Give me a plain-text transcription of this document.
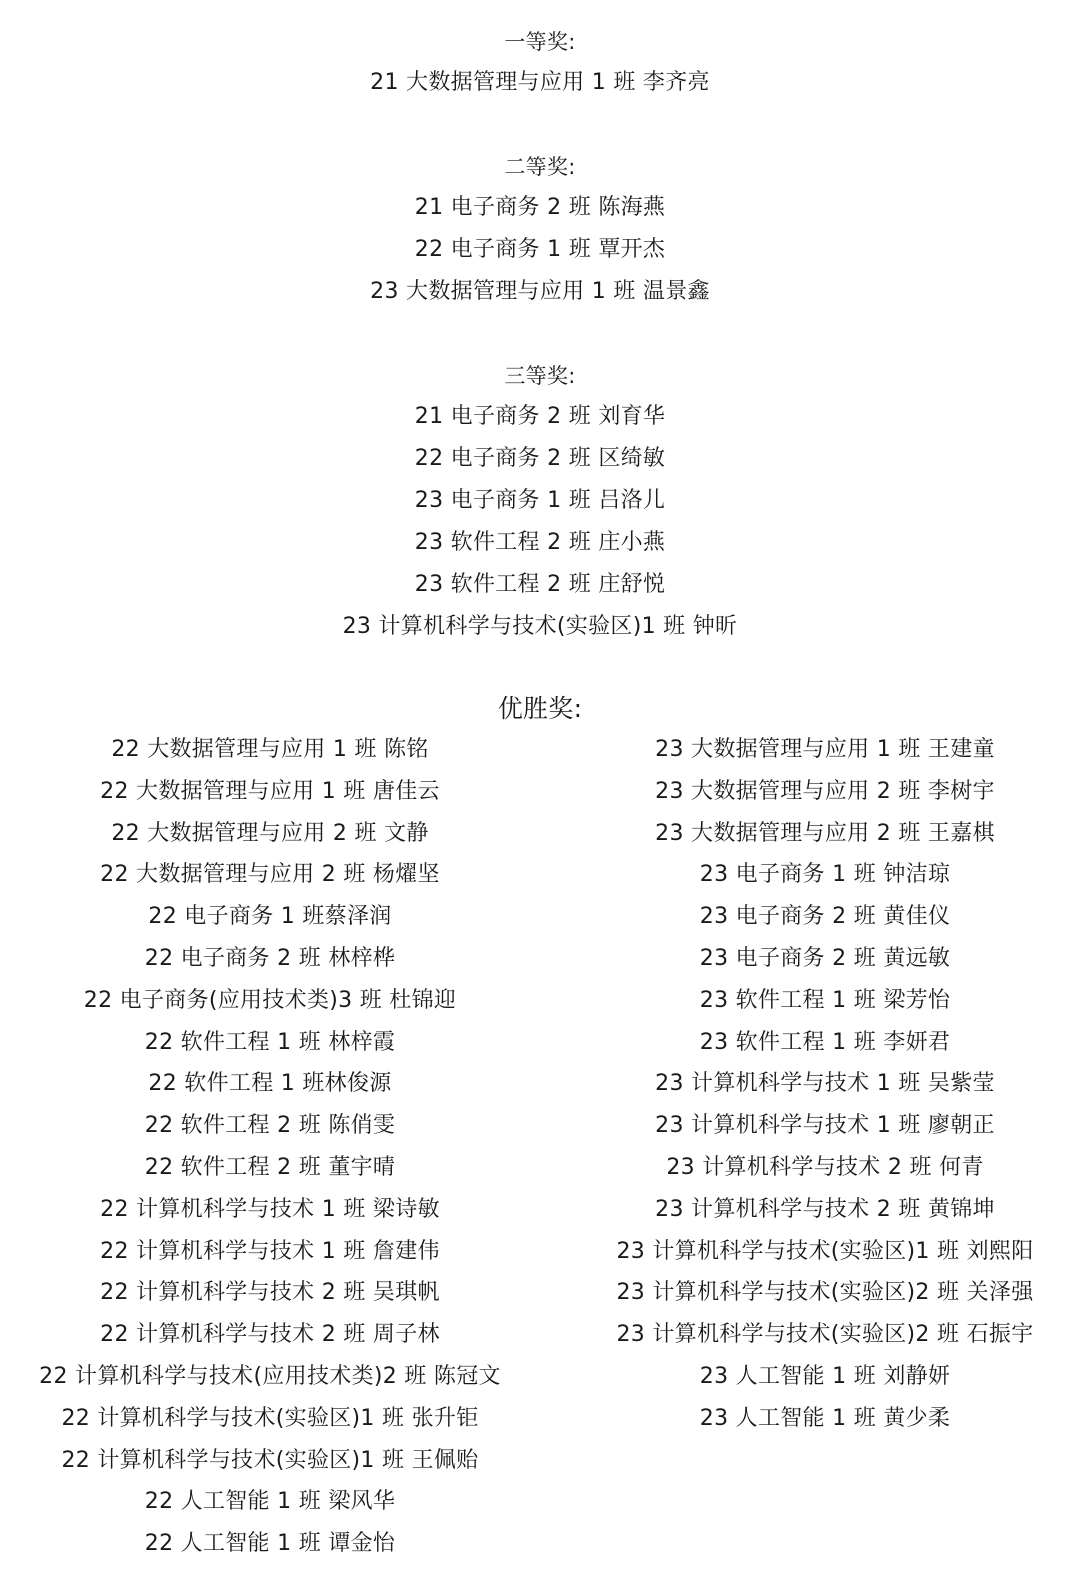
一等奖:
21 大数据管理与应用 1 班 李齐亮
二等奖:
21 电子商务 2 班 陈海燕
22 电子商务 1 班 覃开杰
23 大数据管理与应用 1 班 温景鑫
三等奖:
21 电子商务 2 班 刘育华
22 电子商务 2 班 区绮敏
23 电子商务 1 班 吕洛儿
23 软件工程 2 班 庄小燕
23 软件工程 2 班 庄舒悦
23 计算机科学与技术(实验区)1 班 钟昕
优胜奖:
22 大数据管理与应用 1 班 陈铭
22 大数据管理与应用 1 班 唐佳云
22 大数据管理与应用 2 班 文静
22 大数据管理与应用 2 班 杨燿坚
22 电子商务 1 班蔡泽润
22 电子商务 2 班 林梓桦
22 电子商务(应用技术类)3 班 杜锦迎
22 软件工程 1 班 林梓霞
22 软件工程 1 班林俊源
22 软件工程 2 班 陈俏雯
22 软件工程 2 班 董宇晴
22 计算机科学与技术 1 班 梁诗敏
22 计算机科学与技术 1 班 詹建伟
22 计算机科学与技术 2 班 吴琪帆
22 计算机科学与技术 2 班 周子林
22 计算机科学与技术(应用技术类)2 班 陈冠文
22 计算机科学与技术(实验区)1 班 张升钜
22 计算机科学与技术(实验区)1 班 王佩贻
22 人工智能 1 班 梁风华
22 人工智能 1 班 谭金怡
23 大数据管理与应用 1 班 王建童
23 大数据管理与应用 2 班 李树宇
23 大数据管理与应用 2 班 王嘉棋
23 电子商务 1 班 钟洁琼
23 电子商务 2 班 黄佳仪
23 电子商务 2 班 黄远敏
23 软件工程 1 班 梁芳怡
23 软件工程 1 班 李妍君
23 计算机科学与技术 1 班 吴紫莹
23 计算机科学与技术 1 班 廖朝正
23 计算机科学与技术 2 班 何青
23 计算机科学与技术 2 班 黄锦坤
23 计算机科学与技术(实验区)1 班 刘熙阳
23 计算机科学与技术(实验区)2 班 关泽强
23 计算机科学与技术(实验区)2 班 石振宇
23 人工智能 1 班 刘静妍
23 人工智能 1 班 黄少柔
